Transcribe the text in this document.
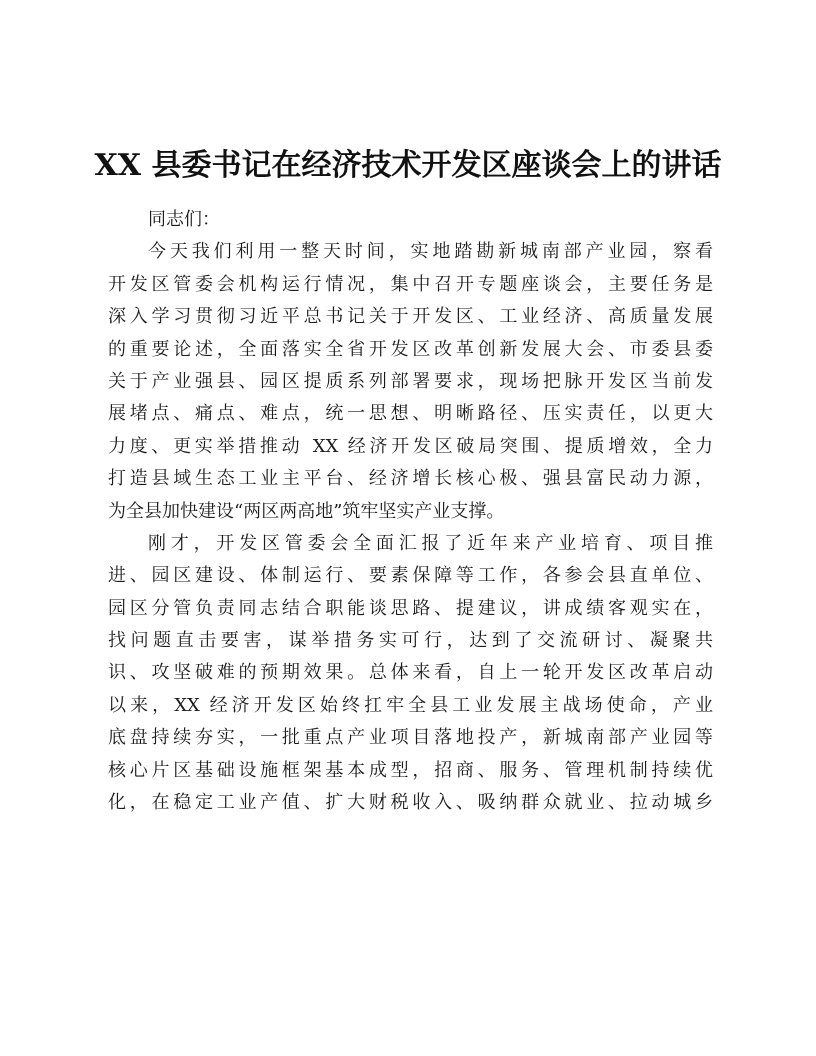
XX 县委书记在经济技术开发区座谈会上的讲话
同志们：
今天我们利用一整天时间，实地踏勘新城南部产业园，察看
开发区管委会机构运行情况，集中召开专题座谈会，主要任务是
深入学习贯彻习近平总书记关于开发区、工业经济、高质量发展
的重要论述，全面落实全省开发区改革创新发展大会、市委县委
关于产业强县、园区提质系列部署要求，现场把脉开发区当前发
展堵点、痛点、难点，统一思想、明晰路径、压实责任，以更大
力度、更实举措推动 XX 经济开发区破局突围、提质增效，全力
打造县域生态工业主平台、经济增长核心极、强县富民动力源，
为全县加快建设“两区两高地”筑牢坚实产业支撑。
刚才，开发区管委会全面汇报了近年来产业培育、项目推
进、园区建设、体制运行、要素保障等工作，各参会县直单位、
园区分管负责同志结合职能谈思路、提建议，讲成绩客观实在，
找问题直击要害，谋举措务实可行，达到了交流研讨、凝聚共
识、攻坚破难的预期效果。总体来看，自上一轮开发区改革启动
以来，XX 经济开发区始终扛牢全县工业发展主战场使命，产业
底盘持续夯实，一批重点产业项目落地投产，新城南部产业园等
核心片区基础设施框架基本成型，招商、服务、管理机制持续优
化，在稳定工业产值、扩大财税收入、吸纳群众就业、拉动城乡
